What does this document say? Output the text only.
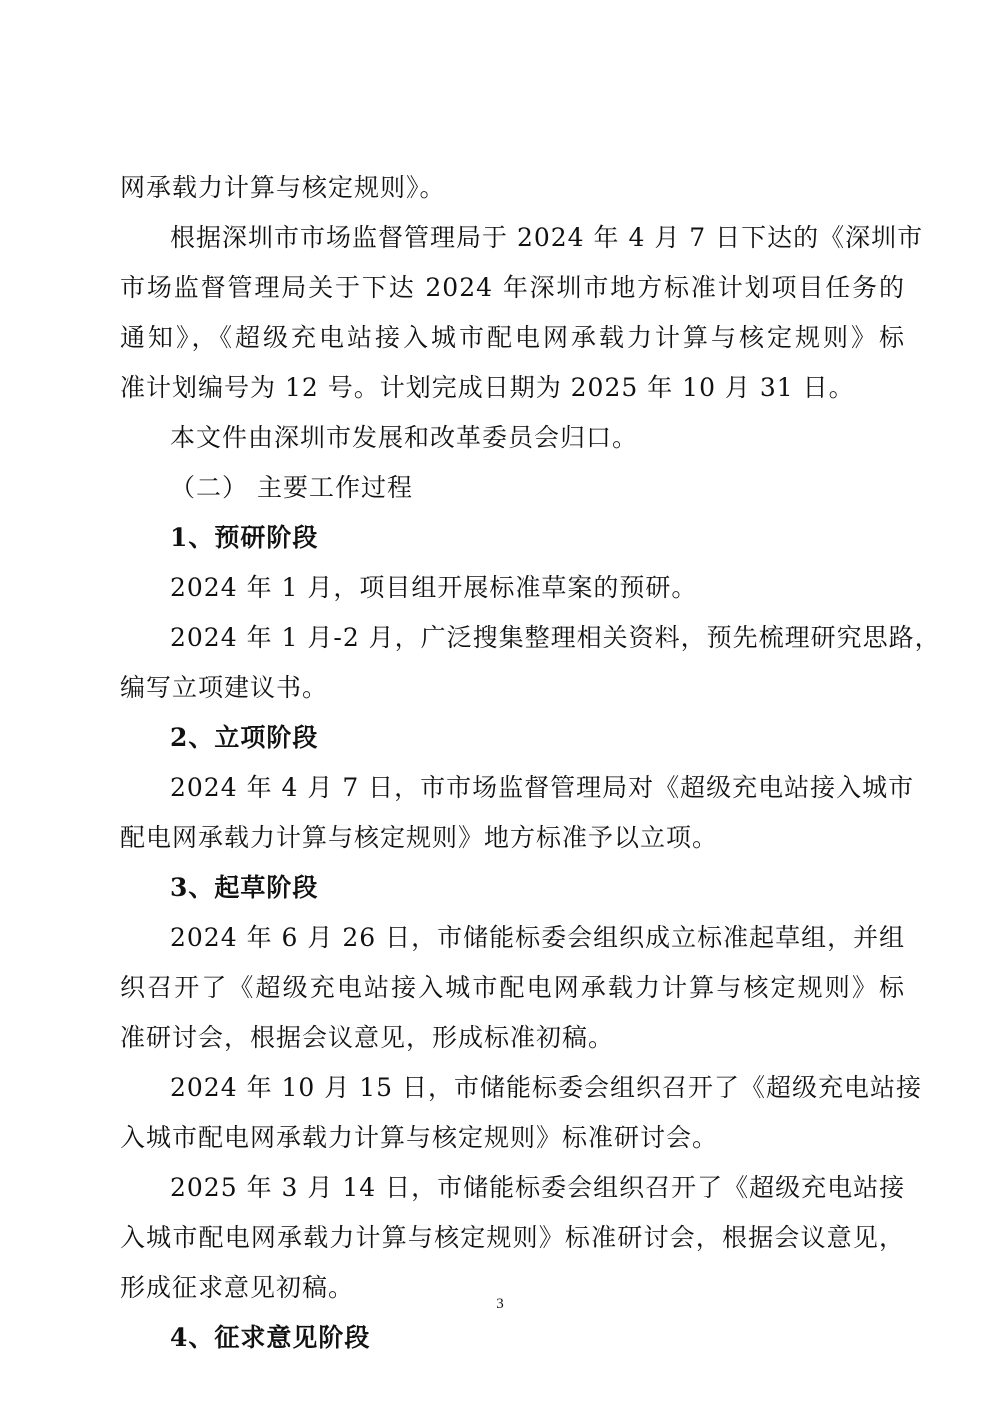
网承载力计算与核定规则》。
根据深圳市市场监督管理局于 2024 年 4 月 7 日下达的《深圳市
市场监督管理局关于下达 2024 年深圳市地方标准计划项目任务的
通知》，《超级充电站接入城市配电网承载力计算与核定规则》标
准计划编号为 12 号。计划完成日期为 2025 年 10 月 31 日。
本文件由深圳市发展和改革委员会归口。
（二） 主要工作过程
1、预研阶段
2024 年 1 月，项目组开展标准草案的预研。
2024 年 1 月-2 月，广泛搜集整理相关资料，预先梳理研究思路，
编写立项建议书。
2、立项阶段
2024 年 4 月 7 日，市市场监督管理局对《超级充电站接入城市
配电网承载力计算与核定规则》地方标准予以立项。
3、起草阶段
2024 年 6 月 26 日，市储能标委会组织成立标准起草组，并组
织召开了《超级充电站接入城市配电网承载力计算与核定规则》标
准研讨会，根据会议意见，形成标准初稿。
2024 年 10 月 15 日，市储能标委会组织召开了《超级充电站接
入城市配电网承载力计算与核定规则》标准研讨会。
2025 年 3 月 14 日，市储能标委会组织召开了《超级充电站接
入城市配电网承载力计算与核定规则》标准研讨会，根据会议意见，
形成征求意见初稿。
4、征求意见阶段
3
